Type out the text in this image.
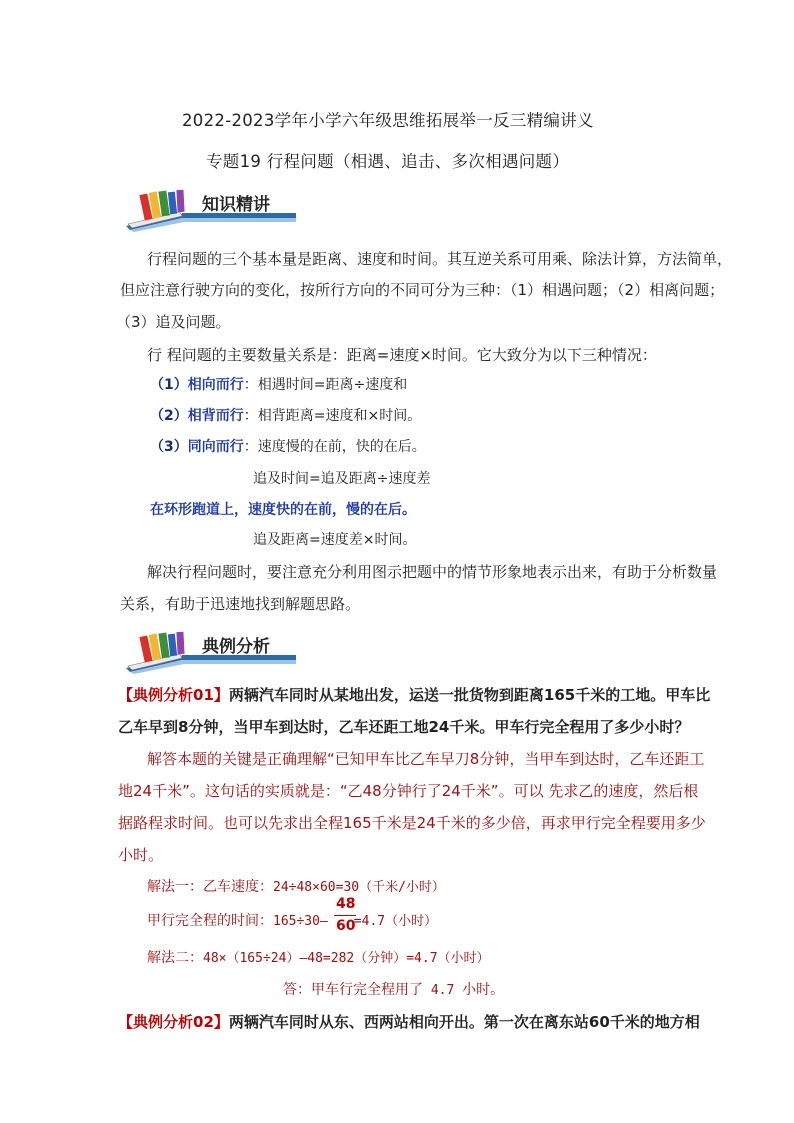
2022-2023学年小学六年级思维拓展举一反三精编讲义
专题19 行程问题（相遇、追击、多次相遇问题）
知识精讲
行程问题的三个基本量是距离、速度和时间。其互逆关系可用乘、除法计算，方法简单，
但应注意行驶方向的变化，按所行方向的不同可分为三种：（1）相遇问题；（2）相离问题；
（3）追及问题。
行 程问题的主要数量关系是：距离=速度×时间。它大致分为以下三种情况：
（1）相向而行：相遇时间=距离÷速度和
（2）相背而行：相背距离=速度和×时间。
（3）同向而行：速度慢的在前，快的在后。
追及时间=追及距离÷速度差
在环形跑道上，速度快的在前，慢的在后。
追及距离=速度差×时间。
解决行程问题时，要注意充分利用图示把题中的情节形象地表示出来，有助于分析数量
关系，有助于迅速地找到解题思路。
典例分析
【典例分析01】两辆汽车同时从某地出发，运送一批货物到距离165千米的工地。甲车比
乙车早到8分钟，当甲车到达时，乙车还距工地24千米。甲车行完全程用了多少小时？
解答本题的关键是正确理解“已知甲车比乙车早刀8分钟，当甲车到达时，乙车还距工
地24千米”。这句话的实质就是：“乙48分钟行了24千米”。可以 先求乙的速度，然后根
据路程求时间。也可以先求出全程165千米是24千米的多少倍，再求甲行完全程要用多少
小时。
解法一：乙车速度：24÷48×60=30（千米/小时）
甲行完全程的时间：165÷30— =4.7（小时）
48
60
解法二：48×（165÷24）—48=282（分钟）=4.7（小时）
答：甲车行完全程用了 4.7 小时。
【典例分析02】两辆汽车同时从东、西两站相向开出。第一次在离东站60千米的地方相
